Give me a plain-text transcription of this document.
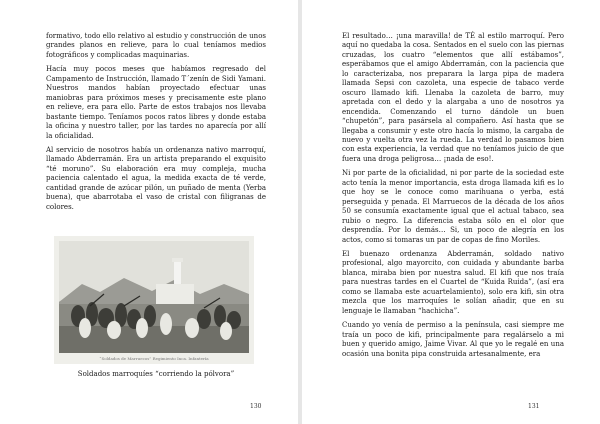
formativo, todo ello relativo al estudio y construcción de unos grandes planos en relieve, para lo cual teníamos medios fotográficos y complicadas maquinarias.

Hacía muy pocos meses que habíamos regresado del Campamento de Instrucción, llamado T´zenín de Sidi Yamani. Nuestros mandos habían proyectado efectuar unas maniobras para próximos meses y precisamente este plano en relieve, era para ello. Parte de estos trabajos nos llevaba bastante tiempo. Teníamos pocos ratos libres y donde estaba la oficina y nuestro taller, por las tardes no aparecía por allí la oficialidad.

Al servicio de nosotros había un ordenanza nativo marroquí, llamado Abderramán. Era un artista preparando el exquisito “té moruno”. Su elaboración era muy compleja, mucha paciencia calentado el agua, la medida exacta de té verde, cantidad grande de azúcar pilón, un puñado de menta (Yerba buena), que abarrotaba el vaso de cristal con filigranas de colores.

“Soldados de Marruecos” Regimiento Inca. Infantería
Soldados marroquíes “corriendo la pólvora”
130

El resultado… ¡una maravilla! de TÉ al estilo marroquí. Pero aquí no quedaba la cosa. Sentados en el suelo con las piernas cruzadas, los cuatro “elementos que allí estábamos”, esperábamos que el amigo Abderramán, con la paciencia que lo caracterizaba, nos preparara la larga pipa de madera llamada Sepsi con cazoleta, una especie de tabaco verde oscuro llamado kifi. Llenaba la cazoleta de barro, muy apretada con el dedo y la alargaba a uno de nosotros ya encendida. Comenzando el turno dándole un buen “chupetón”, para pasársela al compañero. Así hasta que se llegaba a consumir y este otro hacía lo mismo, la cargaba de nuevo y vuelta otra vez la rueda. La verdad lo pasamos bien con esta experiencia, la verdad que no teníamos juicio de que fuera una droga peligrosa… ¡nada de eso!.

Ni por parte de la oficialidad, ni por parte de la sociedad este acto tenía la menor importancia, esta droga llamada kifi es lo que hoy se le conoce como marihuana o yerba, está perseguida y penada. El Marruecos de la década de los años 50 se consumía exactamente igual que el actual tabaco, sea rubio o negro. La diferencia estaba sólo en el olor que desprendía. Por lo demás… Si, un poco de alegría en los actos, como si tomaras un par de copas de fino Moriles.

El buenazo ordenanza Abderramán, soldado nativo profesional, algo mayorcito, con cuidada y abundante barba blanca, miraba bien por nuestra salud. El kifi que nos traía para nuestras tardes en el Cuartel de “Kuida Ruida”, (así era como se llamaba este acuartelamiento), solo era kifi, sin otra mezcla que los marroquíes le solían añadir, que en su lenguaje le llamaban “hachicha”.

Cuando yo venía de permiso a la península, casi siempre me traía un poco de kifi, principalmente para regalárselo a mi buen y querido amigo, Jaime Vivar. Al que yo le regalé en una ocasión una bonita pipa construida artesanalmente, era

131
